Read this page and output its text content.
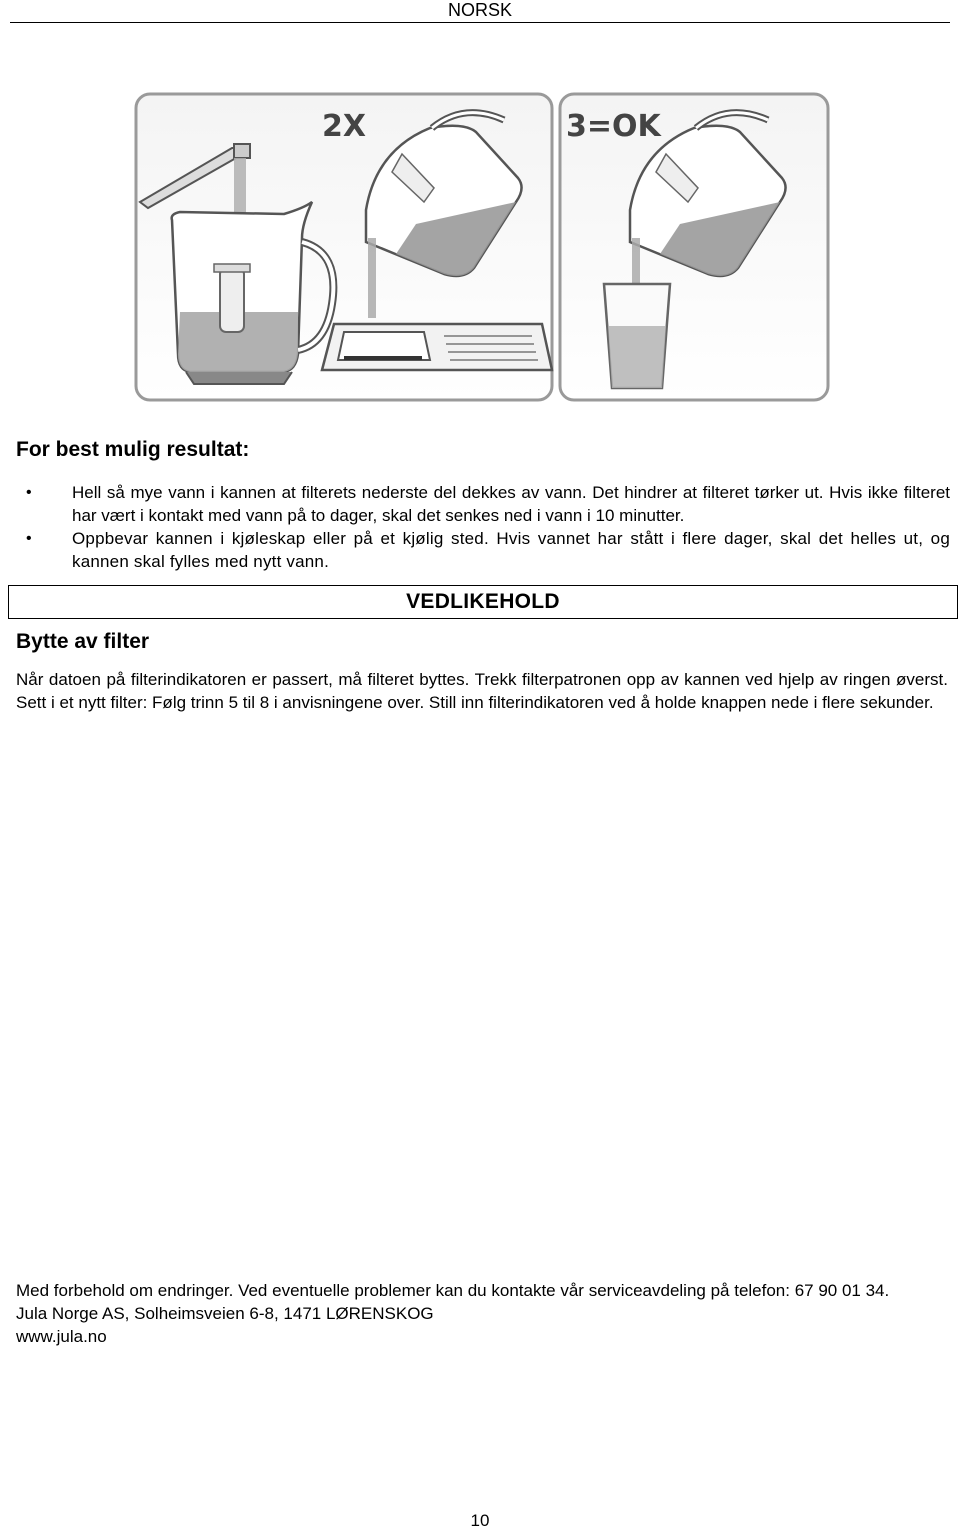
NORSK
2X	3=OK
For best mulig resultat:
• Hell så mye vann i kannen at filterets nederste del dekkes av vann. Det hindrer at filteret tørker ut. Hvis ikke filteret har vært i kontakt med vann på to dager, skal det senkes ned i vann i 10 minutter.
• Oppbevar kannen i kjøleskap eller på et kjølig sted. Hvis vannet har stått i flere dager, skal det helles ut, og kannen skal fylles med nytt vann.
VEDLIKEHOLD
Bytte av filter
Når datoen på filterindikatoren er passert, må filteret byttes. Trekk filterpatronen opp av kannen ved hjelp av ringen øverst. Sett i et nytt filter: Følg trinn 5 til 8 i anvisningene over. Still inn filterindikatoren ved å holde knappen nede i flere sekunder.

Med forbehold om endringer. Ved eventuelle problemer kan du kontakte vår serviceavdeling på telefon: 67 90 01 34.

Jula Norge AS, Solheimsveien 6-8, 1471 LØRENSKOG

www.jula.no

10
